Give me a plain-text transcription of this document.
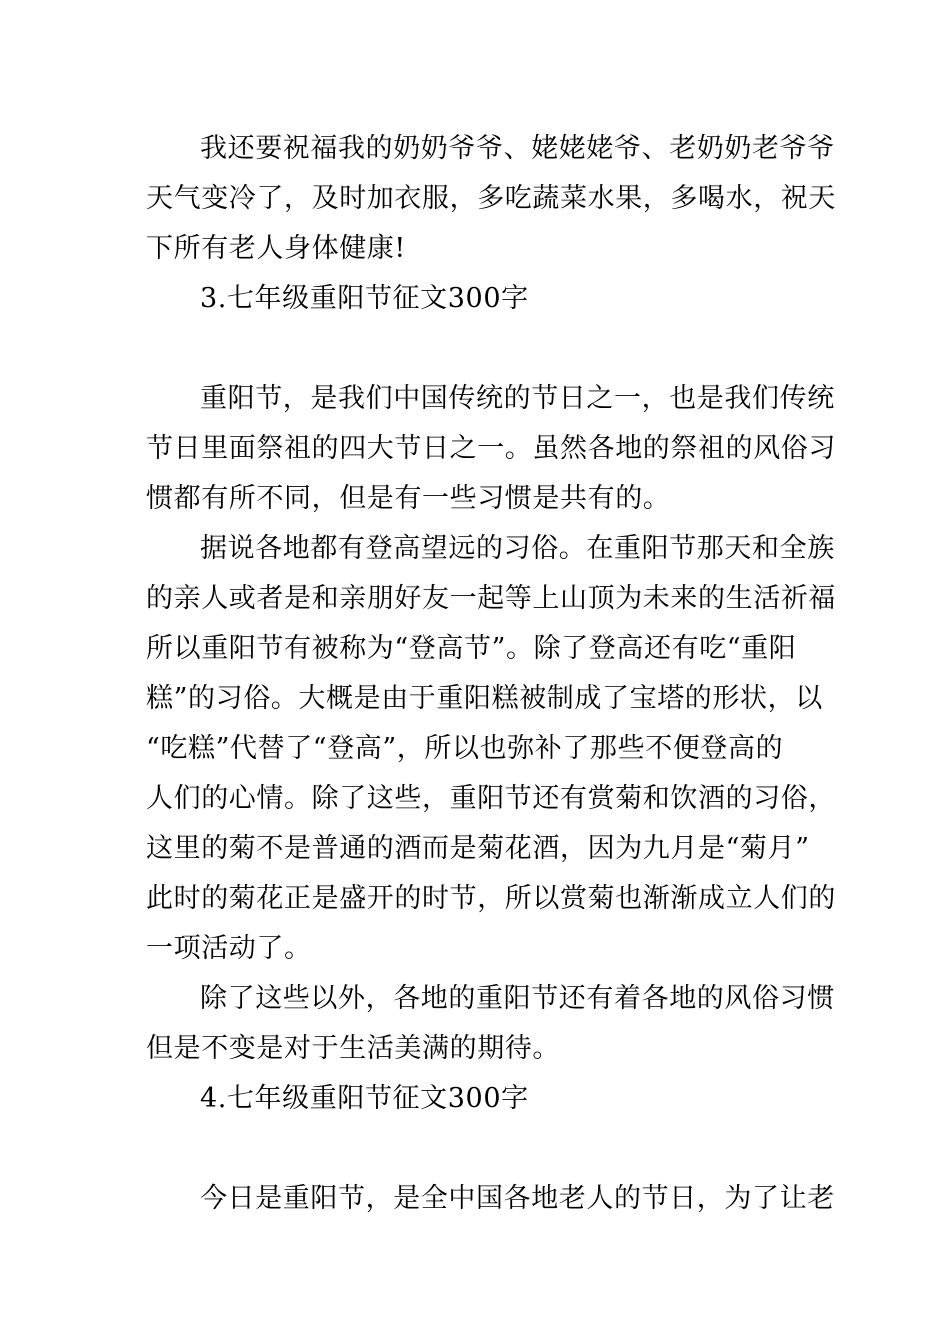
我还要祝福我的奶奶爷爷、姥姥姥爷、老奶奶老爷爷
天气变冷了，及时加衣服，多吃蔬菜水果，多喝水，祝天
下所有老人身体健康!
3.七年级重阳节征文300字
重阳节，是我们中国传统的节日之一，也是我们传统
节日里面祭祖的四大节日之一。虽然各地的祭祖的风俗习
惯都有所不同，但是有一些习惯是共有的。
据说各地都有登高望远的习俗。在重阳节那天和全族
的亲人或者是和亲朋好友一起等上山顶为未来的生活祈福
所以重阳节有被称为“登高节”。除了登高还有吃“重阳
糕”的习俗。大概是由于重阳糕被制成了宝塔的形状，以
“吃糕”代替了“登高”，所以也弥补了那些不便登高的
人们的心情。除了这些，重阳节还有赏菊和饮酒的习俗，
这里的菊不是普通的酒而是菊花酒，因为九月是“菊月”
此时的菊花正是盛开的时节，所以赏菊也渐渐成立人们的
一项活动了。
除了这些以外，各地的重阳节还有着各地的风俗习惯
但是不变是对于生活美满的期待。
4.七年级重阳节征文300字
今日是重阳节，是全中国各地老人的节日，为了让老
